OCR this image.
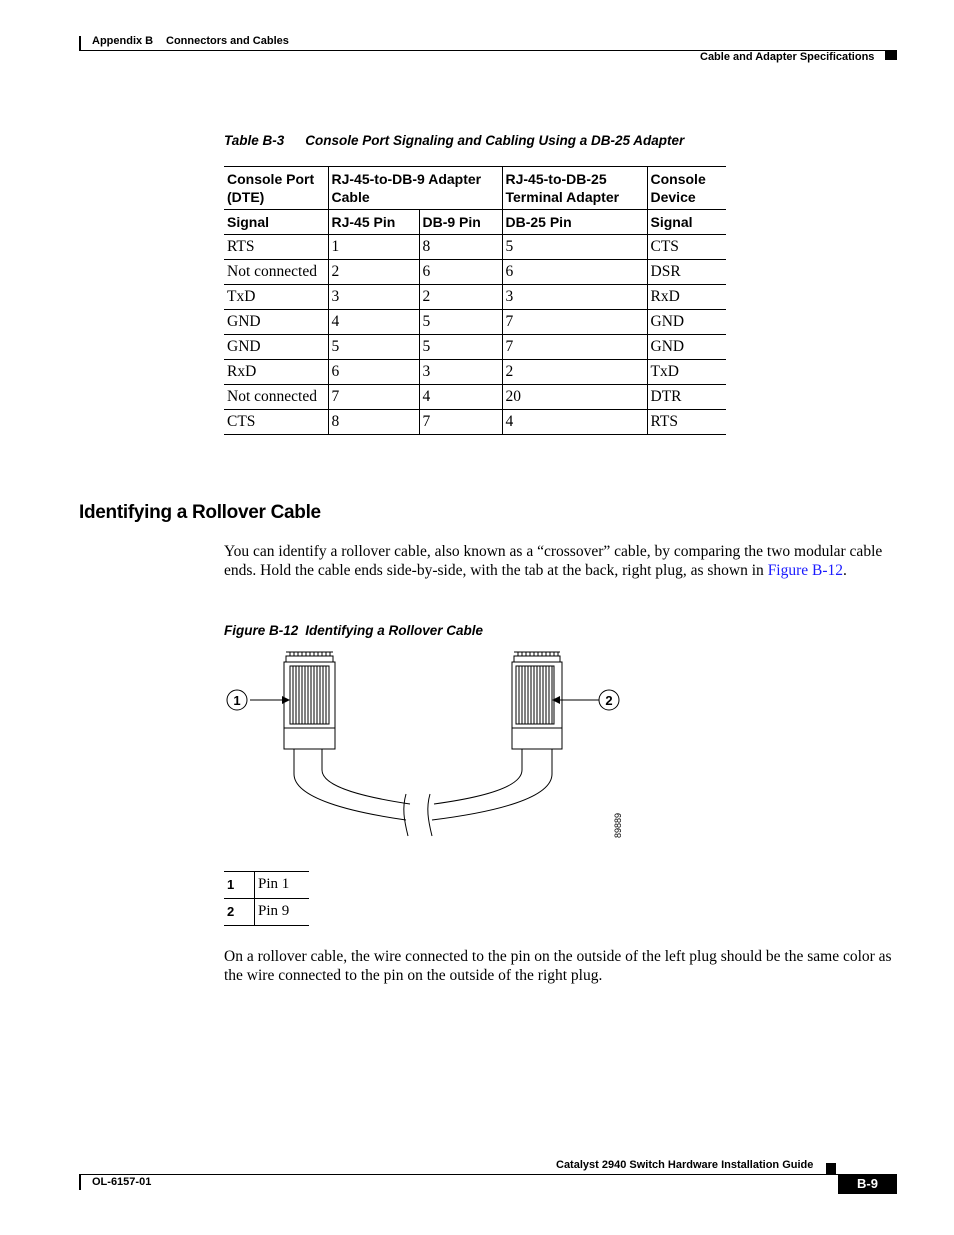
Appendix B Connectors and Cables
Cable and Adapter Specifications
Table B-3 Console Port Signaling and Cabling Using a DB-25 Adapter
Console Port (DTE)	RJ-45-to-DB-9 Adapter Cable		RJ-45-to-DB-25 Terminal Adapter	Console Device
Signal	RJ-45 Pin	DB-9 Pin	DB-25 Pin	Signal
RTS	1	8	5	CTS
Not connected	2	6	6	DSR
TxD	3	2	3	RxD
GND	4	5	7	GND
GND	5	5	7	GND
RxD	6	3	2	TxD
Not connected	7	4	20	DTR
CTS	8	7	4	RTS
Identifying a Rollover Cable

You can identify a rollover cable, also known as a “crossover” cable, by comparing the two modular cable ends. Hold the cable ends side-by-side, with the tab at the back, right plug, as shown in Figure B-12.

Figure B-12 Identifying a Rollover Cable
1	2
89889
1	Pin 1
2	Pin 9

On a rollover cable, the wire connected to the pin on the outside of the left plug should be the same color as the wire connected to the pin on the outside of the right plug.

Catalyst 2940 Switch Hardware Installation Guide
OL-6157-01	B-9
